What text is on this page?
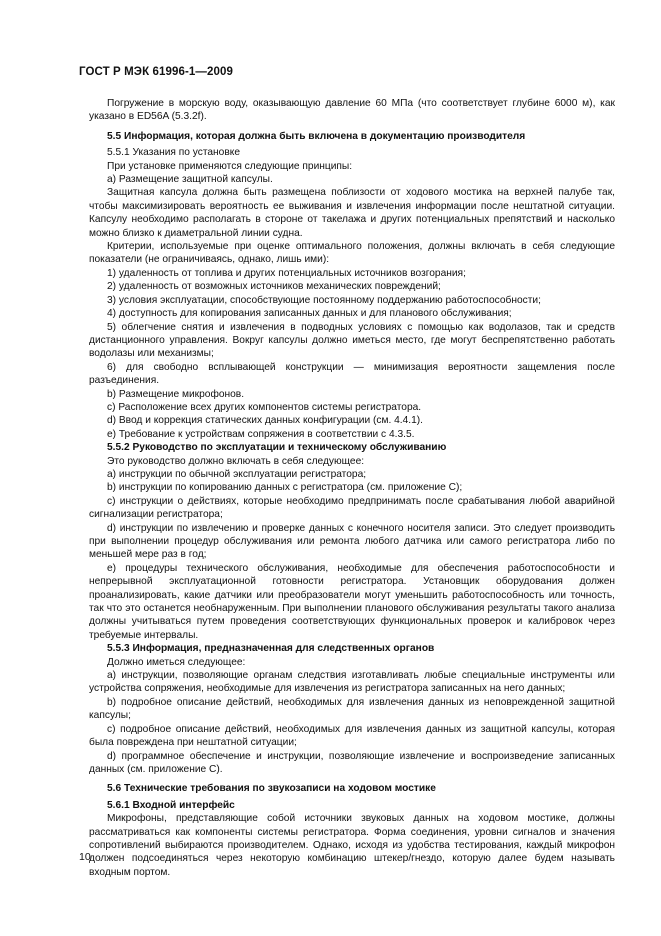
ГОСТ Р МЭК 61996-1—2009

Погружение в морскую воду, оказывающую давление 60 МПа (что соответствует глубине 6000 м), как указано в ED56A (5.3.2f).

5.5 Информация, которая должна быть включена в документацию производителя

5.5.1 Указания по установке

При установке применяются следующие принципы:

a) Размещение защитной капсулы.

Защитная капсула должна быть размещена поблизости от ходового мостика на верхней палубе так, чтобы максимизировать вероятность ее выживания и извлечения информации после нештатной ситуации. Капсулу необходимо располагать в стороне от такелажа и других потенциальных препятствий и насколько можно близко к диаметральной линии судна.

Критерии, используемые при оценке оптимального положения, должны включать в себя следующие показатели (не ограничиваясь, однако, лишь ими):

1) удаленность от топлива и других потенциальных источников возгорания;

2) удаленность от возможных источников механических повреждений;

3) условия эксплуатации, способствующие постоянному поддержанию работоспособности;

4) доступность для копирования записанных данных и для планового обслуживания;

5) облегчение снятия и извлечения в подводных условиях с помощью как водолазов, так и средств дистанционного управления. Вокруг капсулы должно иметься место, где могут беспрепятственно работать водолазы или механизмы;

6) для свободно всплывающей конструкции — минимизация вероятности защемления после разъединения.

b) Размещение микрофонов.

c) Расположение всех других компонентов системы регистратора.

d) Ввод и коррекция статических данных конфигурации (см. 4.4.1).

e) Требование к устройствам сопряжения в соответствии с 4.3.5.

5.5.2 Руководство по эксплуатации и техническому обслуживанию

Это руководство должно включать в себя следующее:

a) инструкции по обычной эксплуатации регистратора;

b) инструкции по копированию данных с регистратора (см. приложение C);

c) инструкции о действиях, которые необходимо предпринимать после срабатывания любой аварийной сигнализации регистратора;

d) инструкции по извлечению и проверке данных с конечного носителя записи. Это следует производить при выполнении процедур обслуживания или ремонта любого датчика или самого регистратора либо по меньшей мере раз в год;

e) процедуры технического обслуживания, необходимые для обеспечения работоспособности и непрерывной эксплуатационной готовности регистратора. Установщик оборудования должен проанализировать, какие датчики или преобразователи могут уменьшить работоспособность или точность, так что это останется необнаруженным. При выполнении планового обслуживания результаты такого анализа должны учитываться путем проведения соответствующих функциональных проверок и калибровок через требуемые интервалы.

5.5.3 Информация, предназначенная для следственных органов

Должно иметься следующее:

a) инструкции, позволяющие органам следствия изготавливать любые специальные инструменты или устройства сопряжения, необходимые для извлечения из регистратора записанных на него данных;

b) подробное описание действий, необходимых для извлечения данных из неповрежденной защитной капсулы;

c) подробное описание действий, необходимых для извлечения данных из защитной капсулы, которая была повреждена при нештатной ситуации;

d) программное обеспечение и инструкции, позволяющие извлечение и воспроизведение записанных данных (см. приложение C).

5.6 Технические требования по звукозаписи на ходовом мостике

5.6.1 Входной интерфейс

Микрофоны, представляющие собой источники звуковых данных на ходовом мостике, должны рассматриваться как компоненты системы регистратора. Форма соединения, уровни сигналов и значения сопротивлений выбираются производителем. Однако, исходя из удобства тестирования, каждый микрофон должен подсоединяться через некоторую комбинацию штекер/гнездо, которую далее будем называть входным портом.

10
